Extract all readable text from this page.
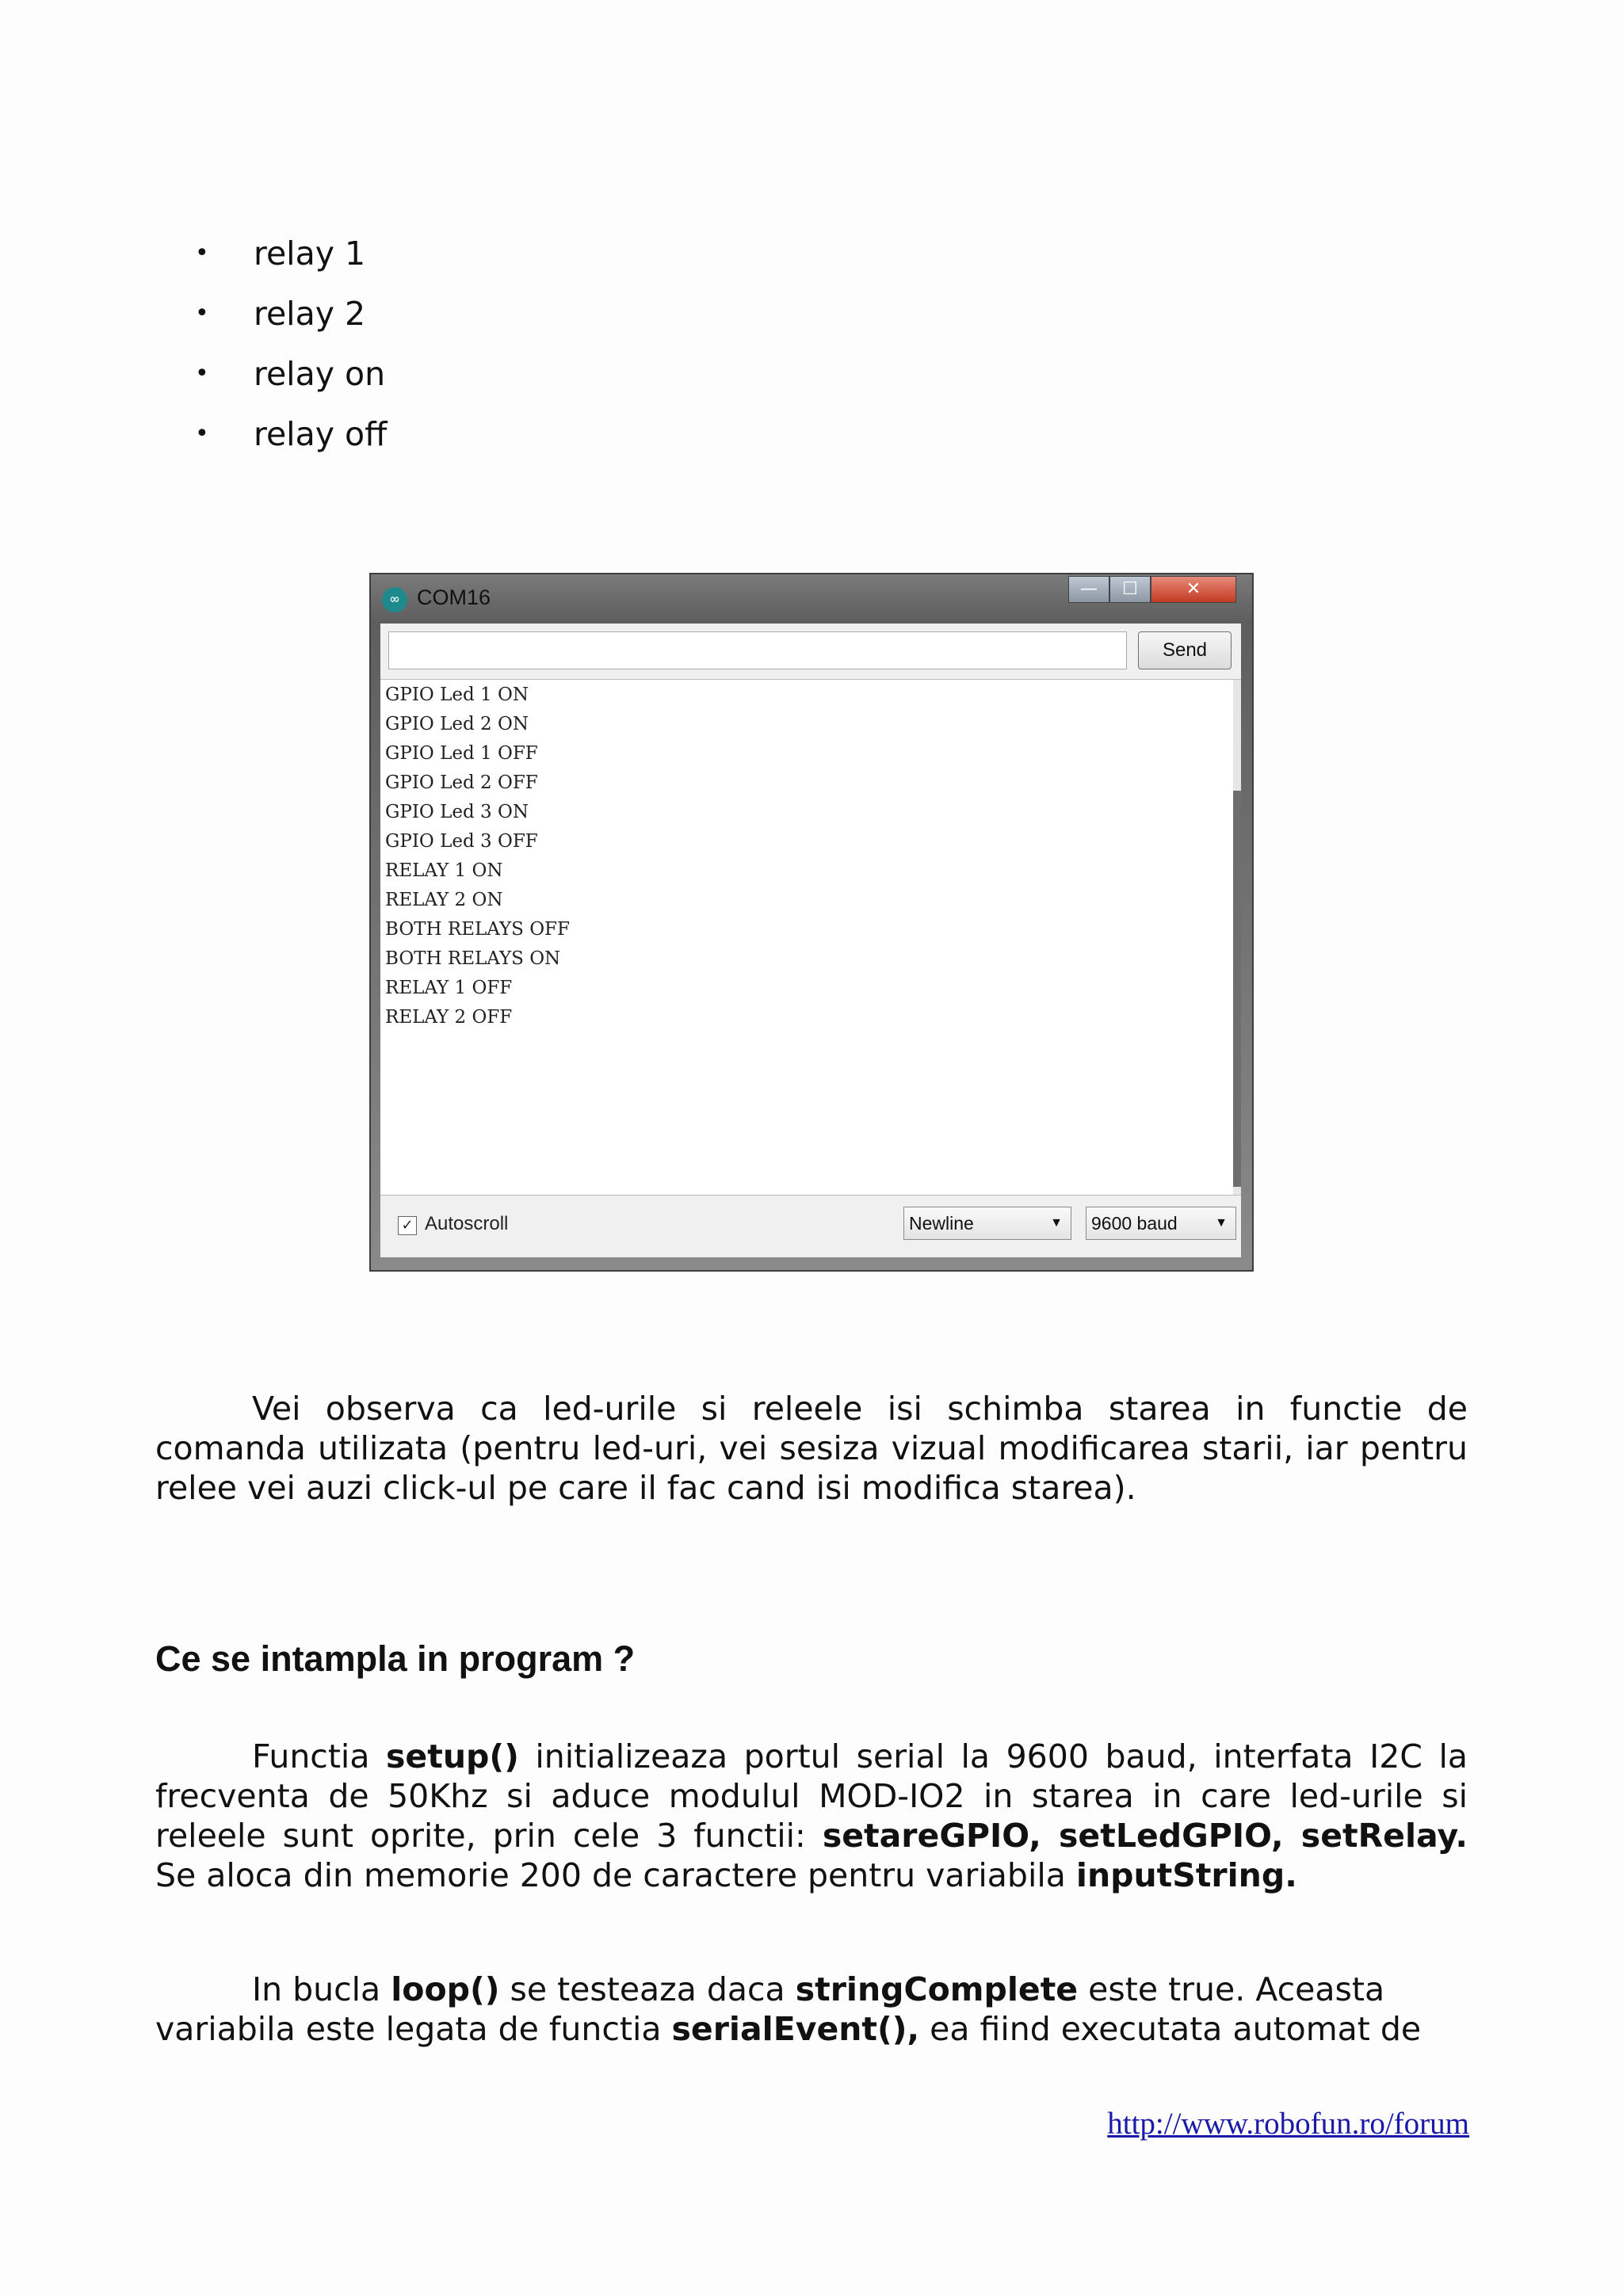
• relay 1
• relay 2
• relay on
• relay off
∞ COM16	—	☐	✕
Send
GPIO Led 1 ON
GPIO Led 2 ON
GPIO Led 1 OFF
GPIO Led 2 OFF
GPIO Led 3 ON
GPIO Led 3 OFF
RELAY 1 ON
RELAY 2 ON
BOTH RELAYS OFF
BOTH RELAYS ON
RELAY 1 OFF
RELAY 2 OFF
✓ Autoscroll	Newline	▼	9600 baud	▼
Vei observa ca led-urile si releele isi schimba starea in functie de
comanda utilizata (pentru led-uri, vei sesiza vizual modificarea starii, iar pentru
relee vei auzi click-ul pe care il fac cand isi modifica starea).
Ce se intampla in program ?
Functia setup() initializeaza portul serial la 9600 baud, interfata I2C la
frecventa de 50Khz si aduce modulul MOD-IO2 in starea in care led-urile si
releele sunt oprite, prin cele 3 functii: setareGPIO, setLedGPIO, setRelay.
Se aloca din memorie 200 de caractere pentru variabila inputString.
In bucla loop() se testeaza daca stringComplete este true. Aceasta
variabila este legata de functia serialEvent(), ea fiind executata automat de
http://www.robofun.ro/forum
